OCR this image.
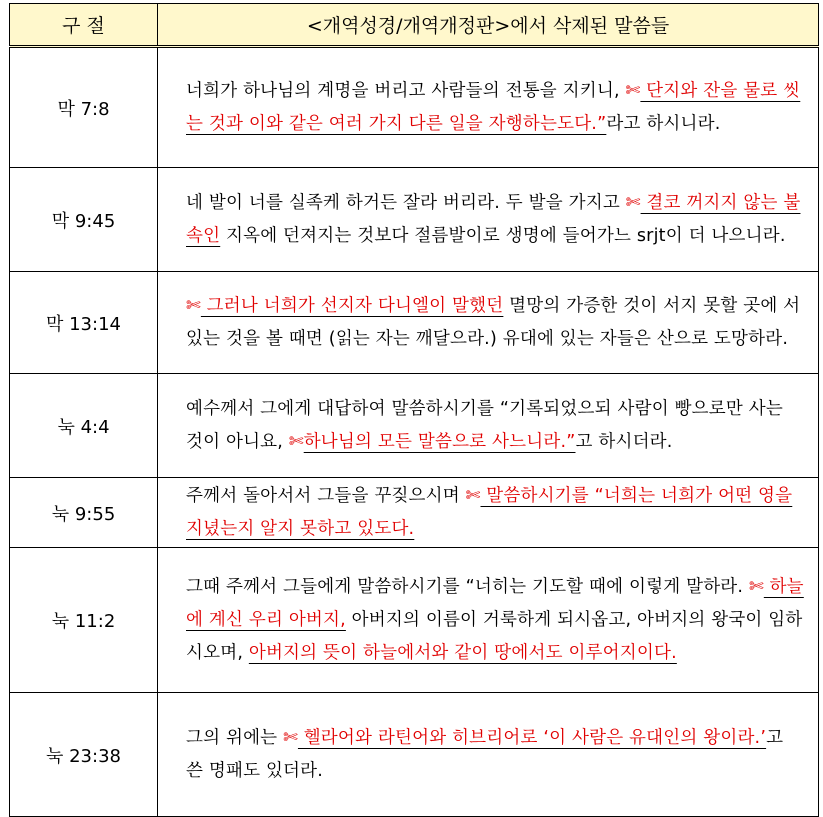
구 절	<개역성경/개역개정판>에서 삭제된 말씀들
막 7:8	너희가 하나님의 계명을 버리고 사람들의 전통을 지키니, ✄ 단지와 잔을 물로 씻는 것과 이와 같은 여러 가지 다른 일을 자행하는도다.”라고 하시니라.
막 9:45	네 발이 너를 실족케 하거든 잘라 버리라. 두 발을 가지고 ✄ 결코 꺼지지 않는 불 속인 지옥에 던져지는 것보다 절름발이로 생명에 들어가느 srjt이 더 나으니라.
막 13:14	✄ 그러나 너희가 선지자 다니엘이 말했던 멸망의 가증한 것이 서지 못할 곳에 서 있는 것을 볼 때면 (읽는 자는 깨달으라.) 유대에 있는 자들은 산으로 도망하라.
눅 4:4	예수께서 그에게 대답하여 말씀하시기를 “기록되었으되 사람이 빵으로만 사는 것이 아니요, ✄하나님의 모든 말씀으로 사느니라.”고 하시더라.
눅 9:55	주께서 돌아서서 그들을 꾸짖으시며 ✄ 말씀하시기를 “너희는 너희가 어떤 영을 지녔는지 알지 못하고 있도다.
눅 11:2	그때 주께서 그들에게 말씀하시기를 “너히는 기도할 때에 이렇게 말하라. ✄ 하늘에 계신 우리 아버지, 아버지의 이름이 거룩하게 되시옵고, 아버지의 왕국이 임하시오며, 아버지의 뜻이 하늘에서와 같이 땅에서도 이루어지이다.
눅 23:38	그의 위에는 ✄ 헬라어와 라틴어와 히브리어로 ‘이 사람은 유대인의 왕이라.’고 쓴 명패도 있더라.
